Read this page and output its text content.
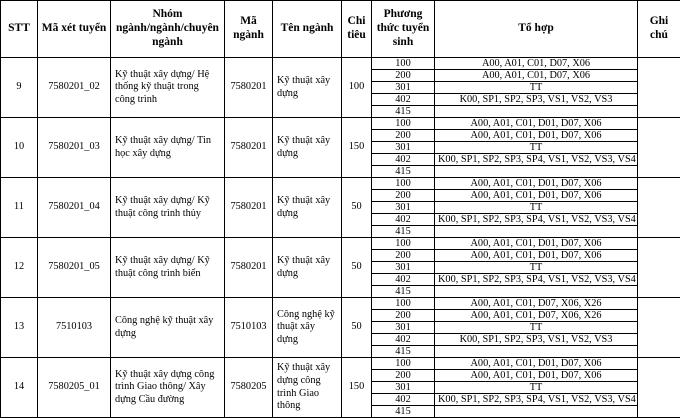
STT	Mã xét tuyển	Nhóm ngành/ngành/chuyên ngành	Mã ngành	Tên ngành	Chi tiêu	Phương thức tuyển sinh	Tổ hợp	Ghi chú
9	7580201_02	Kỹ thuật xây dựng/ Hệ thống kỹ thuật trong công trình	7580201	Kỹ thuật xây dựng	100	100	A00, A01, C01, D07, X06	
						200	A00, A01, C01, D07, X06	
						301	TT	
						402	K00, SP1, SP2, SP3, VS1, VS2, VS3	
						415		
10	7580201_03	Kỹ thuật xây dựng/ Tin học xây dựng	7580201	Kỹ thuật xây dựng	150	100	A00, A01, C01, D01, D07, X06	
						200	A00, A01, C01, D01, D07, X06	
						301	TT	
						402	K00, SP1, SP2, SP3, SP4, VS1, VS2, VS3, VS4	
						415		
11	7580201_04	Kỹ thuật xây dựng/ Kỹ thuật công trình thủy	7580201	Kỹ thuật xây dựng	50	100	A00, A01, C01, D01, D07, X06	
						200	A00, A01, C01, D01, D07, X06	
						301	TT	
						402	K00, SP1, SP2, SP3, SP4, VS1, VS2, VS3, VS4	
						415		
12	7580201_05	Kỹ thuật xây dựng/ Kỹ thuật công trình biển	7580201	Kỹ thuật xây dựng	50	100	A00, A01, C01, D01, D07, X06	
						200	A00, A01, C01, D01, D07, X06	
						301	TT	
						402	K00, SP1, SP2, SP3, SP4, VS1, VS2, VS3, VS4	
						415		
13	7510103	Công nghệ kỹ thuật xây dựng	7510103	Công nghệ kỹ thuật xây dựng	50	100	A00, A01, C01, D07, X06, X26	
						200	A00, A01, C01, D07, X06, X26	
						301	TT	
						402	K00, SP1, SP2, SP3, VS1, VS2, VS3	
						415		
14	7580205_01	Kỹ thuật xây dựng công trình Giao thông/ Xây dựng Cầu đường	7580205	Kỹ thuật xây dựng công trình Giao thông	150	100	A00, A01, C01, D01, D07, X06	
						200	A00, A01, C01, D01, D07, X06	
						301	TT	
						402	K00, SP1, SP2, SP3, SP4, VS1, VS2, VS3, VS4	
						415		
